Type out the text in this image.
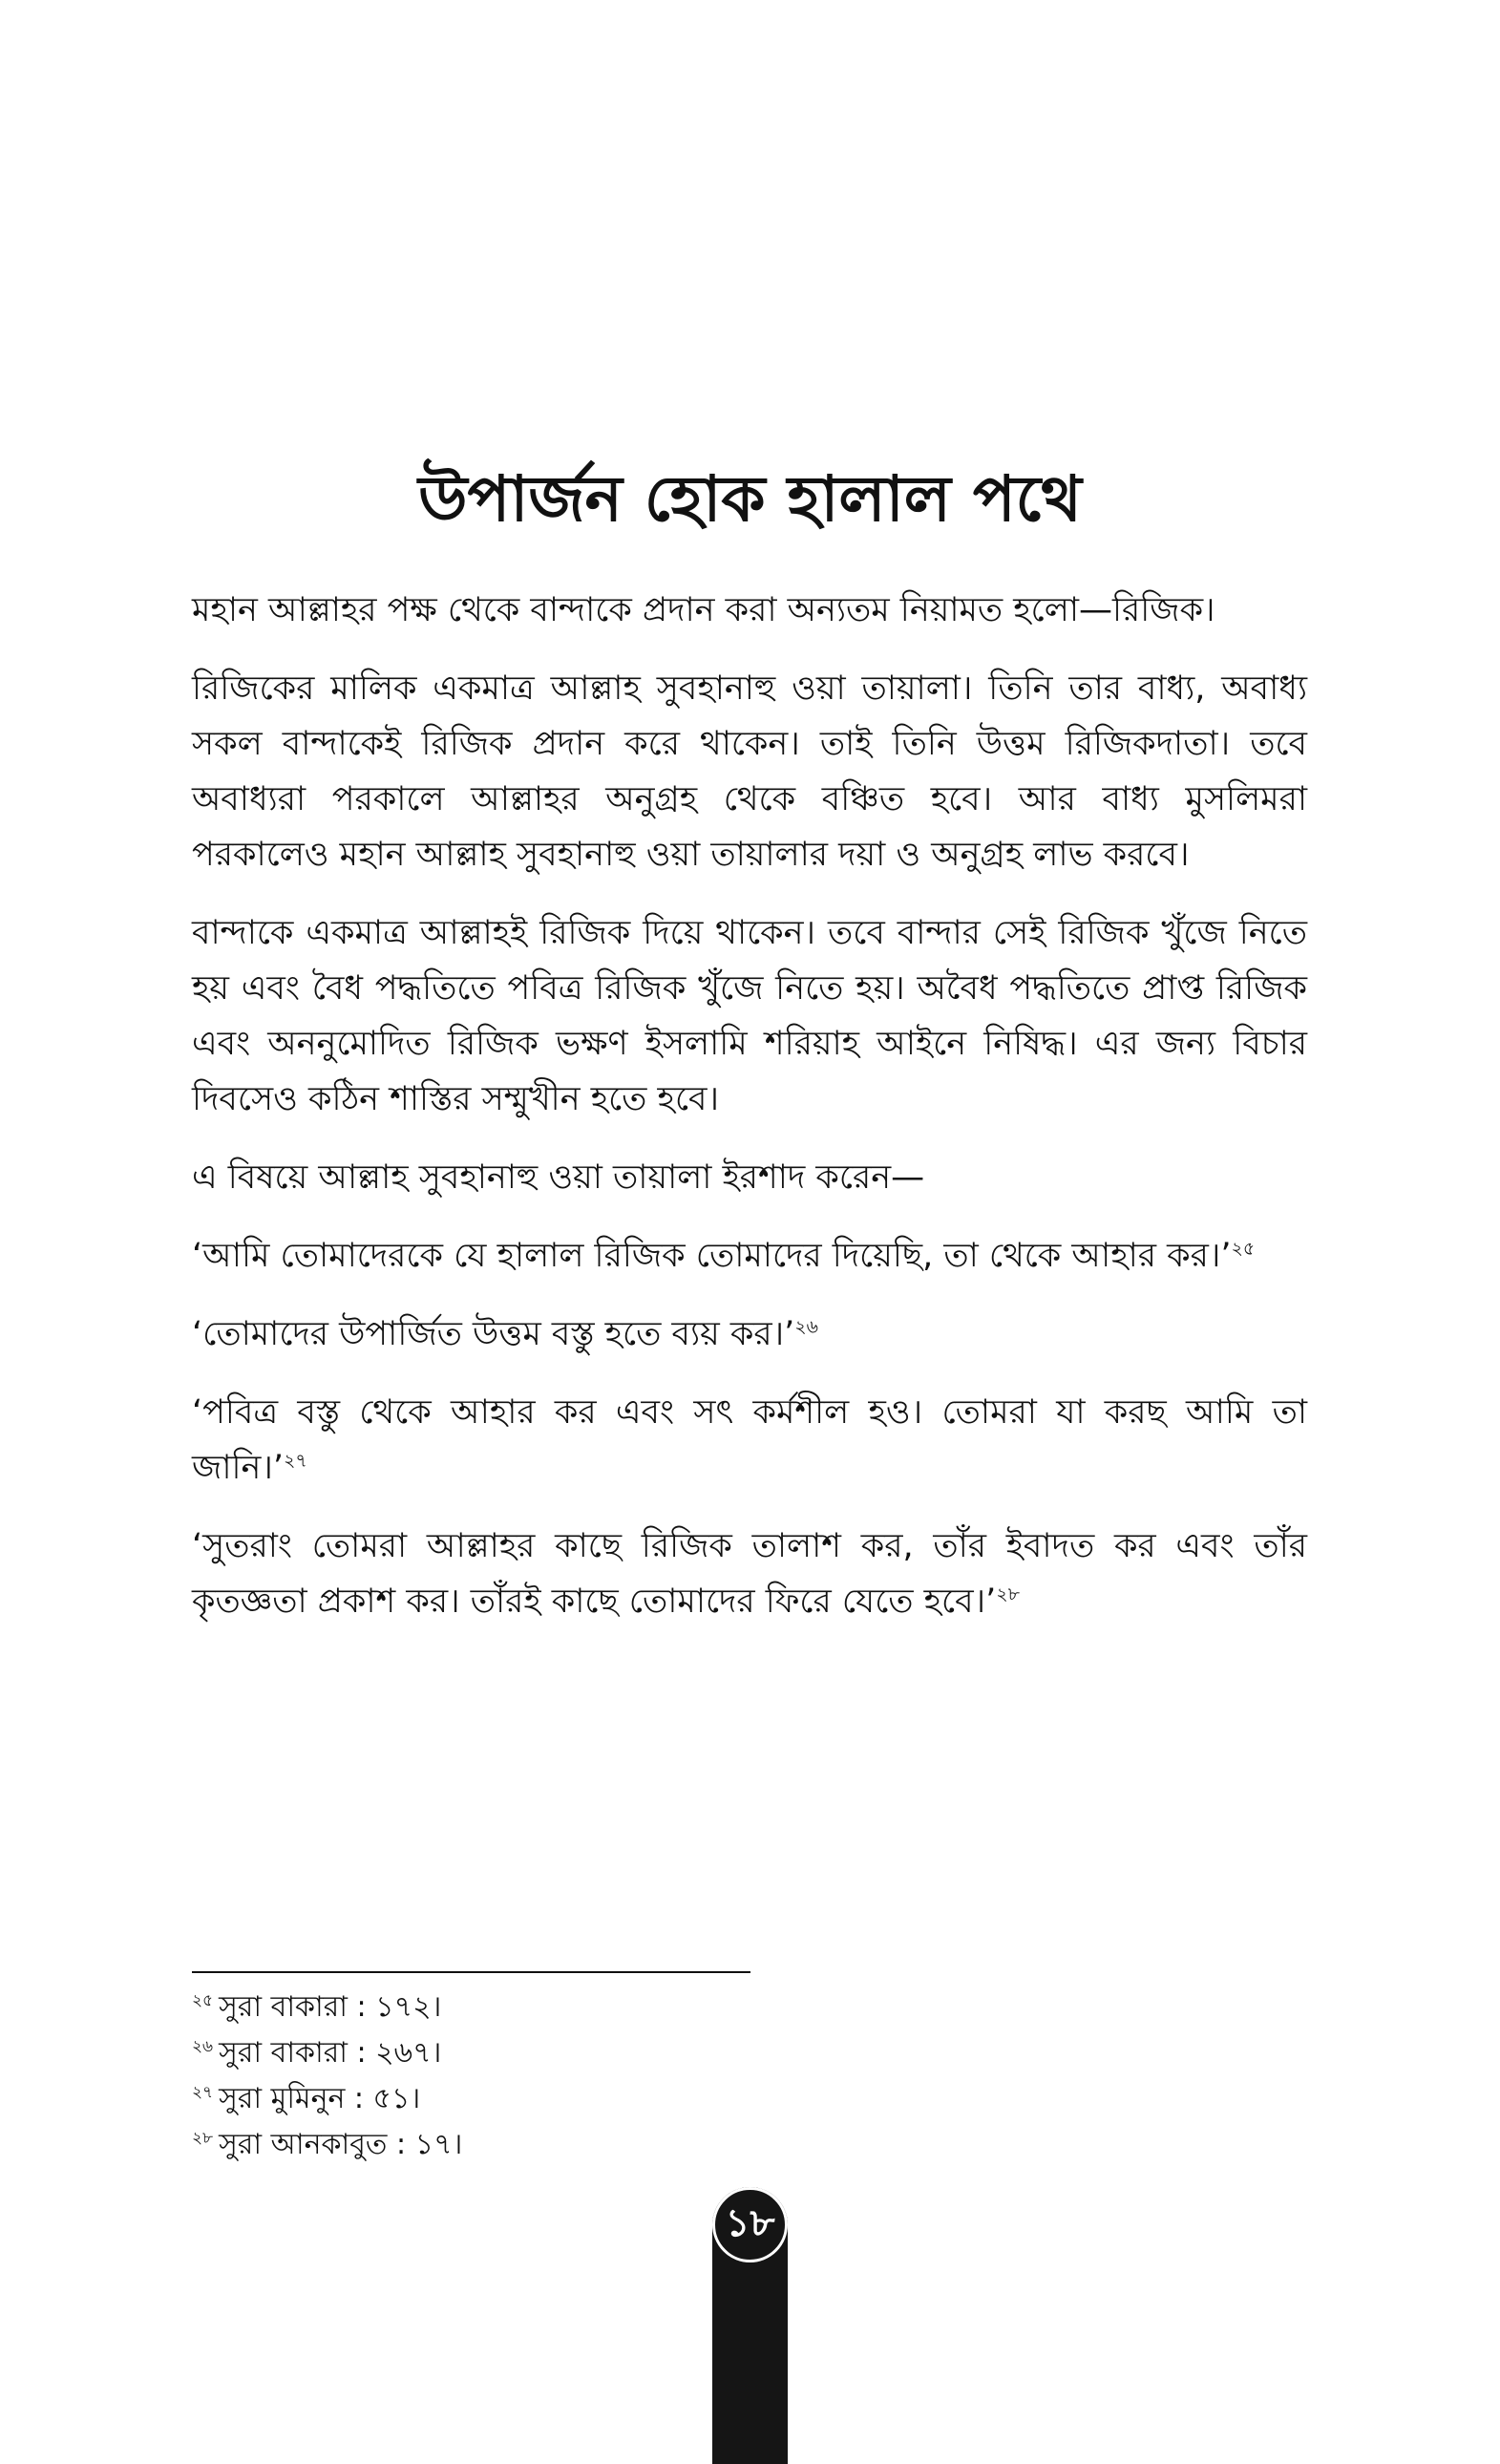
উপার্জন হোক হালাল পথে

মহান আল্লাহর পক্ষ থেকে বান্দাকে প্রদান করা অন্যতম নিয়ামত হলো—রিজিক।

রিজিকের মালিক একমাত্র আল্লাহ সুবহানাহু ওয়া তায়ালা। তিনি তার বাধ্য, অবাধ্য সকল বান্দাকেই রিজিক প্রদান করে থাকেন। তাই তিনি উত্তম রিজিকদাতা। তবে অবাধ্যরা পরকালে আল্লাহর অনুগ্রহ থেকে বঞ্চিত হবে। আর বাধ্য মুসলিমরা পরকালেও মহান আল্লাহ সুবহানাহু ওয়া তায়ালার দয়া ও অনুগ্রহ লাভ করবে।

বান্দাকে একমাত্র আল্লাহই রিজিক দিয়ে থাকেন। তবে বান্দার সেই রিজিক খুঁজে নিতে হয় এবং বৈধ পদ্ধতিতে পবিত্র রিজিক খুঁজে নিতে হয়। অবৈধ পদ্ধতিতে প্রাপ্ত রিজিক এবং অননুমোদিত রিজিক ভক্ষণ ইসলামি শরিয়াহ আইনে নিষিদ্ধ। এর জন্য বিচার দিবসেও কঠিন শাস্তির সম্মুখীন হতে হবে।

এ বিষয়ে আল্লাহ সুবহানাহু ওয়া তায়ালা ইরশাদ করেন—

‘আমি তোমাদেরকে যে হালাল রিজিক তোমাদের দিয়েছি, তা থেকে আহার কর।’$^{২৫}$

‘তোমাদের উপার্জিত উত্তম বস্তু হতে ব্যয় কর।’$^{২৬}$

‘পবিত্র বস্তু থেকে আহার কর এবং সৎ কর্মশীল হও। তোমরা যা করছ আমি তা জানি।’$^{২৭}$

‘সুতরাং তোমরা আল্লাহর কাছে রিজিক তালাশ কর, তাঁর ইবাদত কর এবং তাঁর কৃতজ্ঞতা প্রকাশ কর। তাঁরই কাছে তোমাদের ফিরে যেতে হবে।’$^{২৮}$

$^{২৫}$ সুরা বাকারা : ১৭২।

$^{২৬}$ সুরা বাকারা : ২৬৭।

$^{২৭}$ সুরা মুমিনুন : ৫১।

$^{২৮}$ সুরা আনকাবুত : ১৭।

১৮
